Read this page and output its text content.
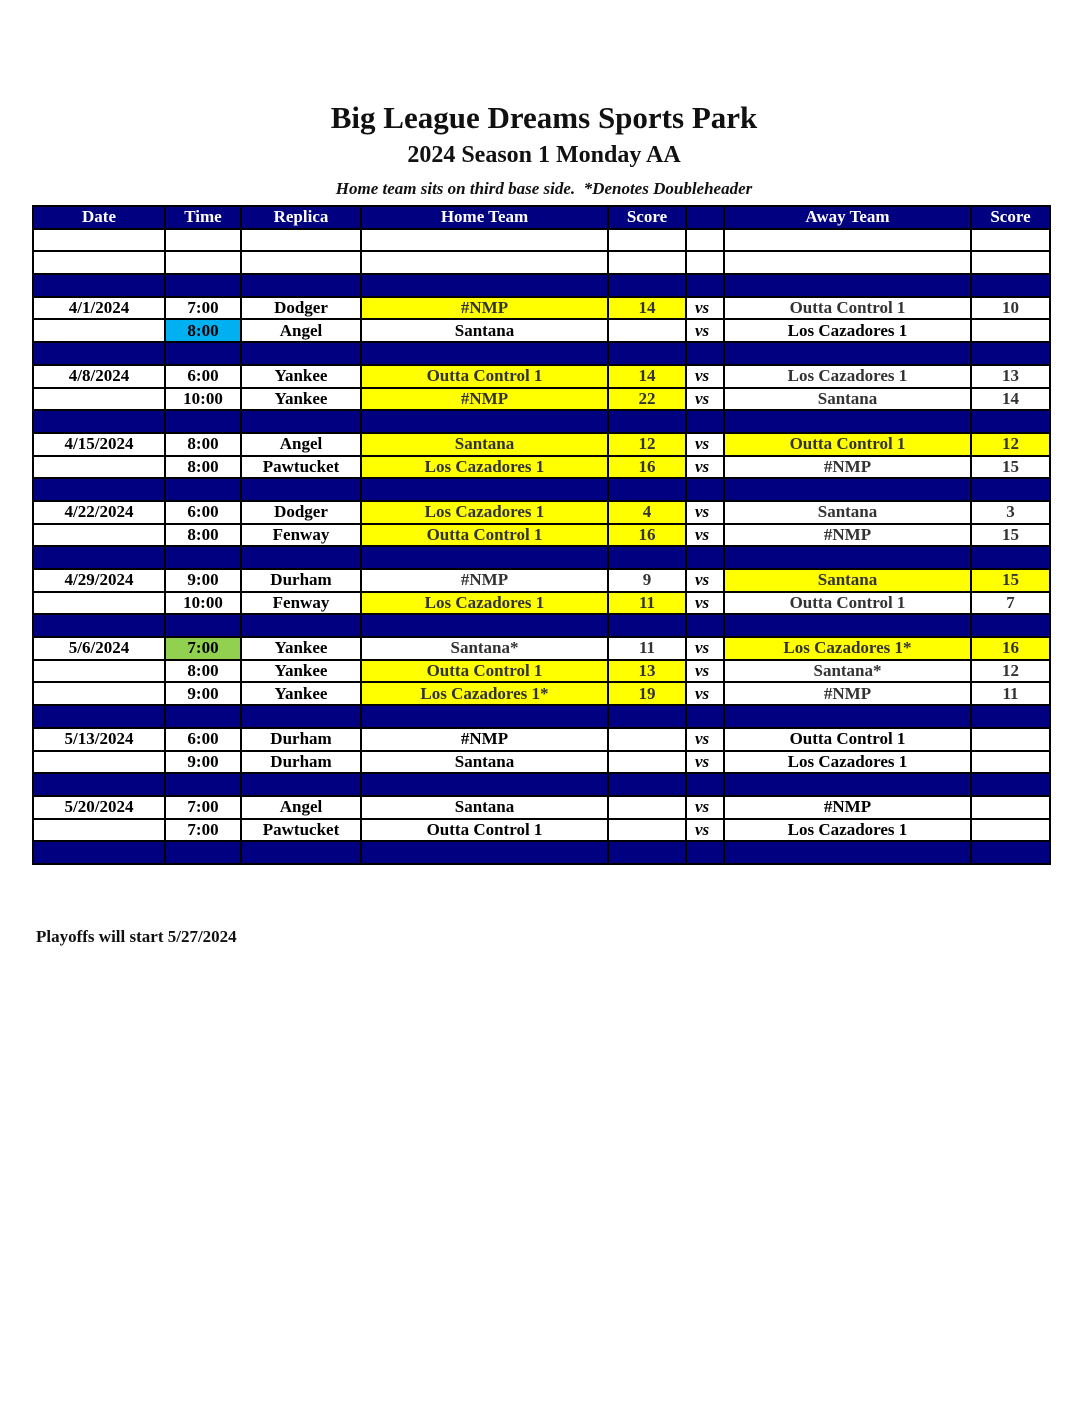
Big League Dreams Sports Park
2024 Season 1 Monday AA
Home team sits on third base side.  *Denotes Doubleheader
Date	Time	Replica	Home Team	Score		Away Team	Score

4/1/2024	7:00	Dodger	#NMP	14	vs	Outta Control 1	10
	8:00	Angel	Santana		vs	Los Cazadores 1	

4/8/2024	6:00	Yankee	Outta Control 1	14	vs	Los Cazadores 1	13
	10:00	Yankee	#NMP	22	vs	Santana	14

4/15/2024	8:00	Angel	Santana	12	vs	Outta Control 1	12
	8:00	Pawtucket	Los Cazadores 1	16	vs	#NMP	15

4/22/2024	6:00	Dodger	Los Cazadores 1	4	vs	Santana	3
	8:00	Fenway	Outta Control 1	16	vs	#NMP	15

4/29/2024	9:00	Durham	#NMP	9	vs	Santana	15
	10:00	Fenway	Los Cazadores 1	11	vs	Outta Control 1	7

5/6/2024	7:00	Yankee	Santana*	11	vs	Los Cazadores 1*	16
	8:00	Yankee	Outta Control 1	13	vs	Santana*	12
	9:00	Yankee	Los Cazadores 1*	19	vs	#NMP	11

5/13/2024	6:00	Durham	#NMP		vs	Outta Control 1	
	9:00	Durham	Santana		vs	Los Cazadores 1	

5/20/2024	7:00	Angel	Santana		vs	#NMP	
	7:00	Pawtucket	Outta Control 1		vs	Los Cazadores 1	

Playoffs will start 5/27/2024
